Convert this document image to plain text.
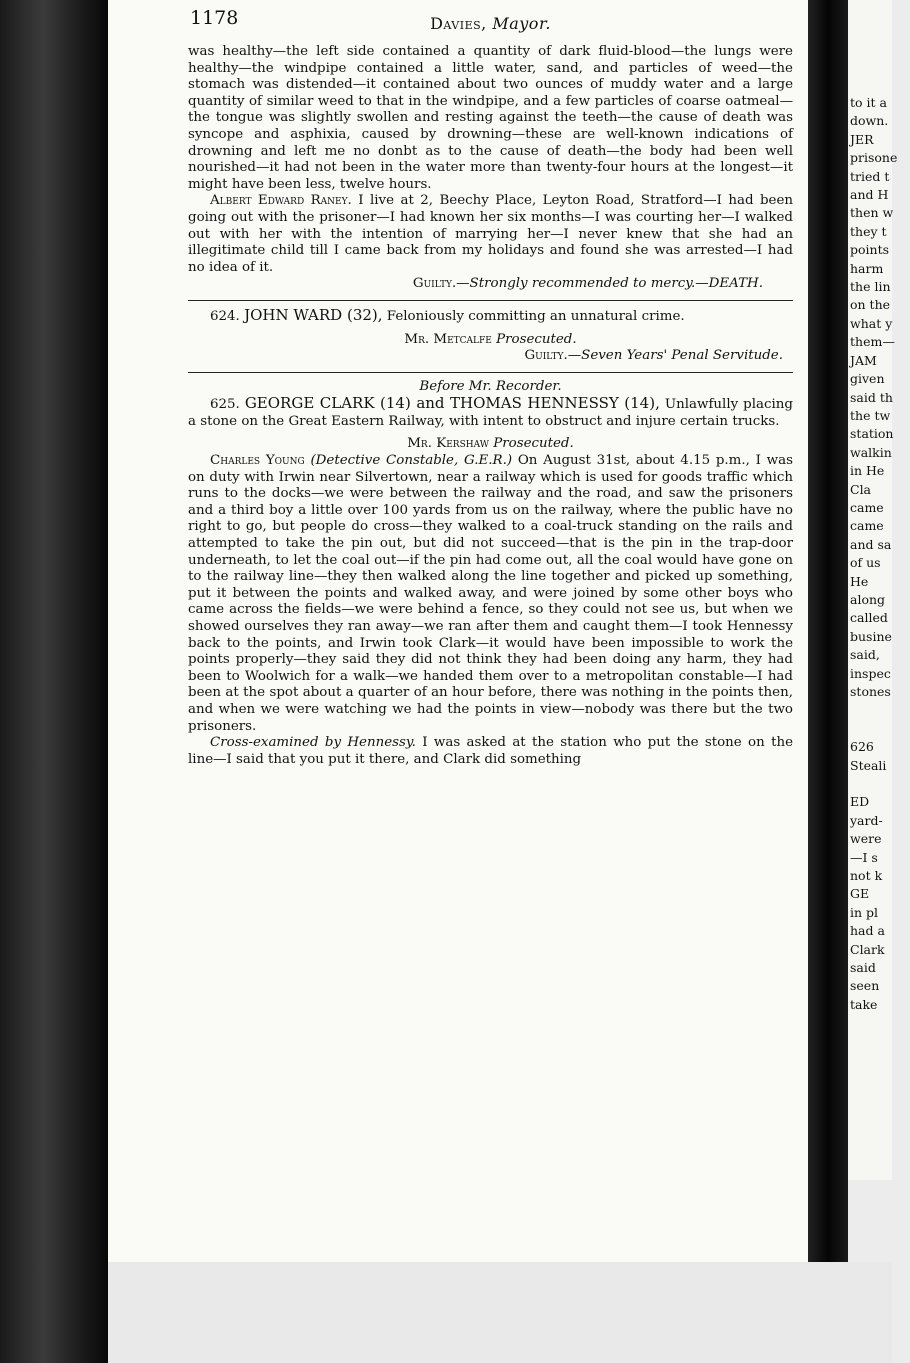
1178	Davies, Mayor.

was healthy—the left side contained a quantity of dark fluid-blood—the lungs were healthy—the windpipe contained a little water, sand, and particles of weed—the stomach was distended—it contained about two ounces of muddy water and a large quantity of similar weed to that in the windpipe, and a few particles of coarse oatmeal—the tongue was slightly swollen and resting against the teeth—the cause of death was syncope and asphixia, caused by drowning—these are well-known indications of drowning and left me no donbt as to the cause of death—the body had been well nourished—it had not been in the water more than twenty-four hours at the longest—it might have been less, twelve hours.

Albert Edward Raney. I live at 2, Beechy Place, Leyton Road, Stratford—I had been going out with the prisoner—I had known her six months—I was courting her—I walked out with her with the intention of marrying her—I never knew that she had an illegitimate child till I came back from my holidays and found she was arrested—I had no idea of it.

Guilty.—Strongly recommended to mercy.—DEATH.

624. JOHN WARD (32), Feloniously committing an unnatural crime.

Mr. Metcalfe Prosecuted.

Guilty.—Seven Years' Penal Servitude.

Before Mr. Recorder.

625. GEORGE CLARK (14) and THOMAS HENNESSY (14), Unlawfully placing a stone on the Great Eastern Railway, with intent to obstruct and injure certain trucks.

Mr. Kershaw Prosecuted.

Charles Young (Detective Constable, G.E.R.) On August 31st, about 4.15 p.m., I was on duty with Irwin near Silvertown, near a railway which is used for goods traffic which runs to the docks—we were between the railway and the road, and saw the prisoners and a third boy a little over 100 yards from us on the railway, where the public have no right to go, but people do cross—they walked to a coal-truck standing on the rails and attempted to take the pin out, but did not succeed—that is the pin in the trap-door underneath, to let the coal out—if the pin had come out, all the coal would have gone on to the railway line—they then walked along the line together and picked up something, put it between the points and walked away, and were joined by some other boys who came across the fields—we were behind a fence, so they could not see us, but when we showed ourselves they ran away—we ran after them and caught them—I took Hennessy back to the points, and Irwin took Clark—it would have been impossible to work the points properly—they said they did not think they had been doing any harm, they had been to Woolwich for a walk—we handed them over to a metropolitan constable—I had been at the spot about a quarter of an hour before, there was nothing in the points then, and when we were watching we had the points in view—nobody was there but the two prisoners.

Cross-examined by Hennessy. I was asked at the station who put the stone on the line—I said that you put it there, and Clark did something

to it a
down.
JER
prisone
tried t
and H
then w
they t
points
harm
the lin
on the
what y
them—
JAM
given
said th
the tw
station
walkin
in He
Cla
came
came
and sa
of us
He
along
called
busine
said,
inspec
stones
626
Steali
ED
yard-
were
—I s
not k
GE
in pl
had a
Clark
said
seen
take
